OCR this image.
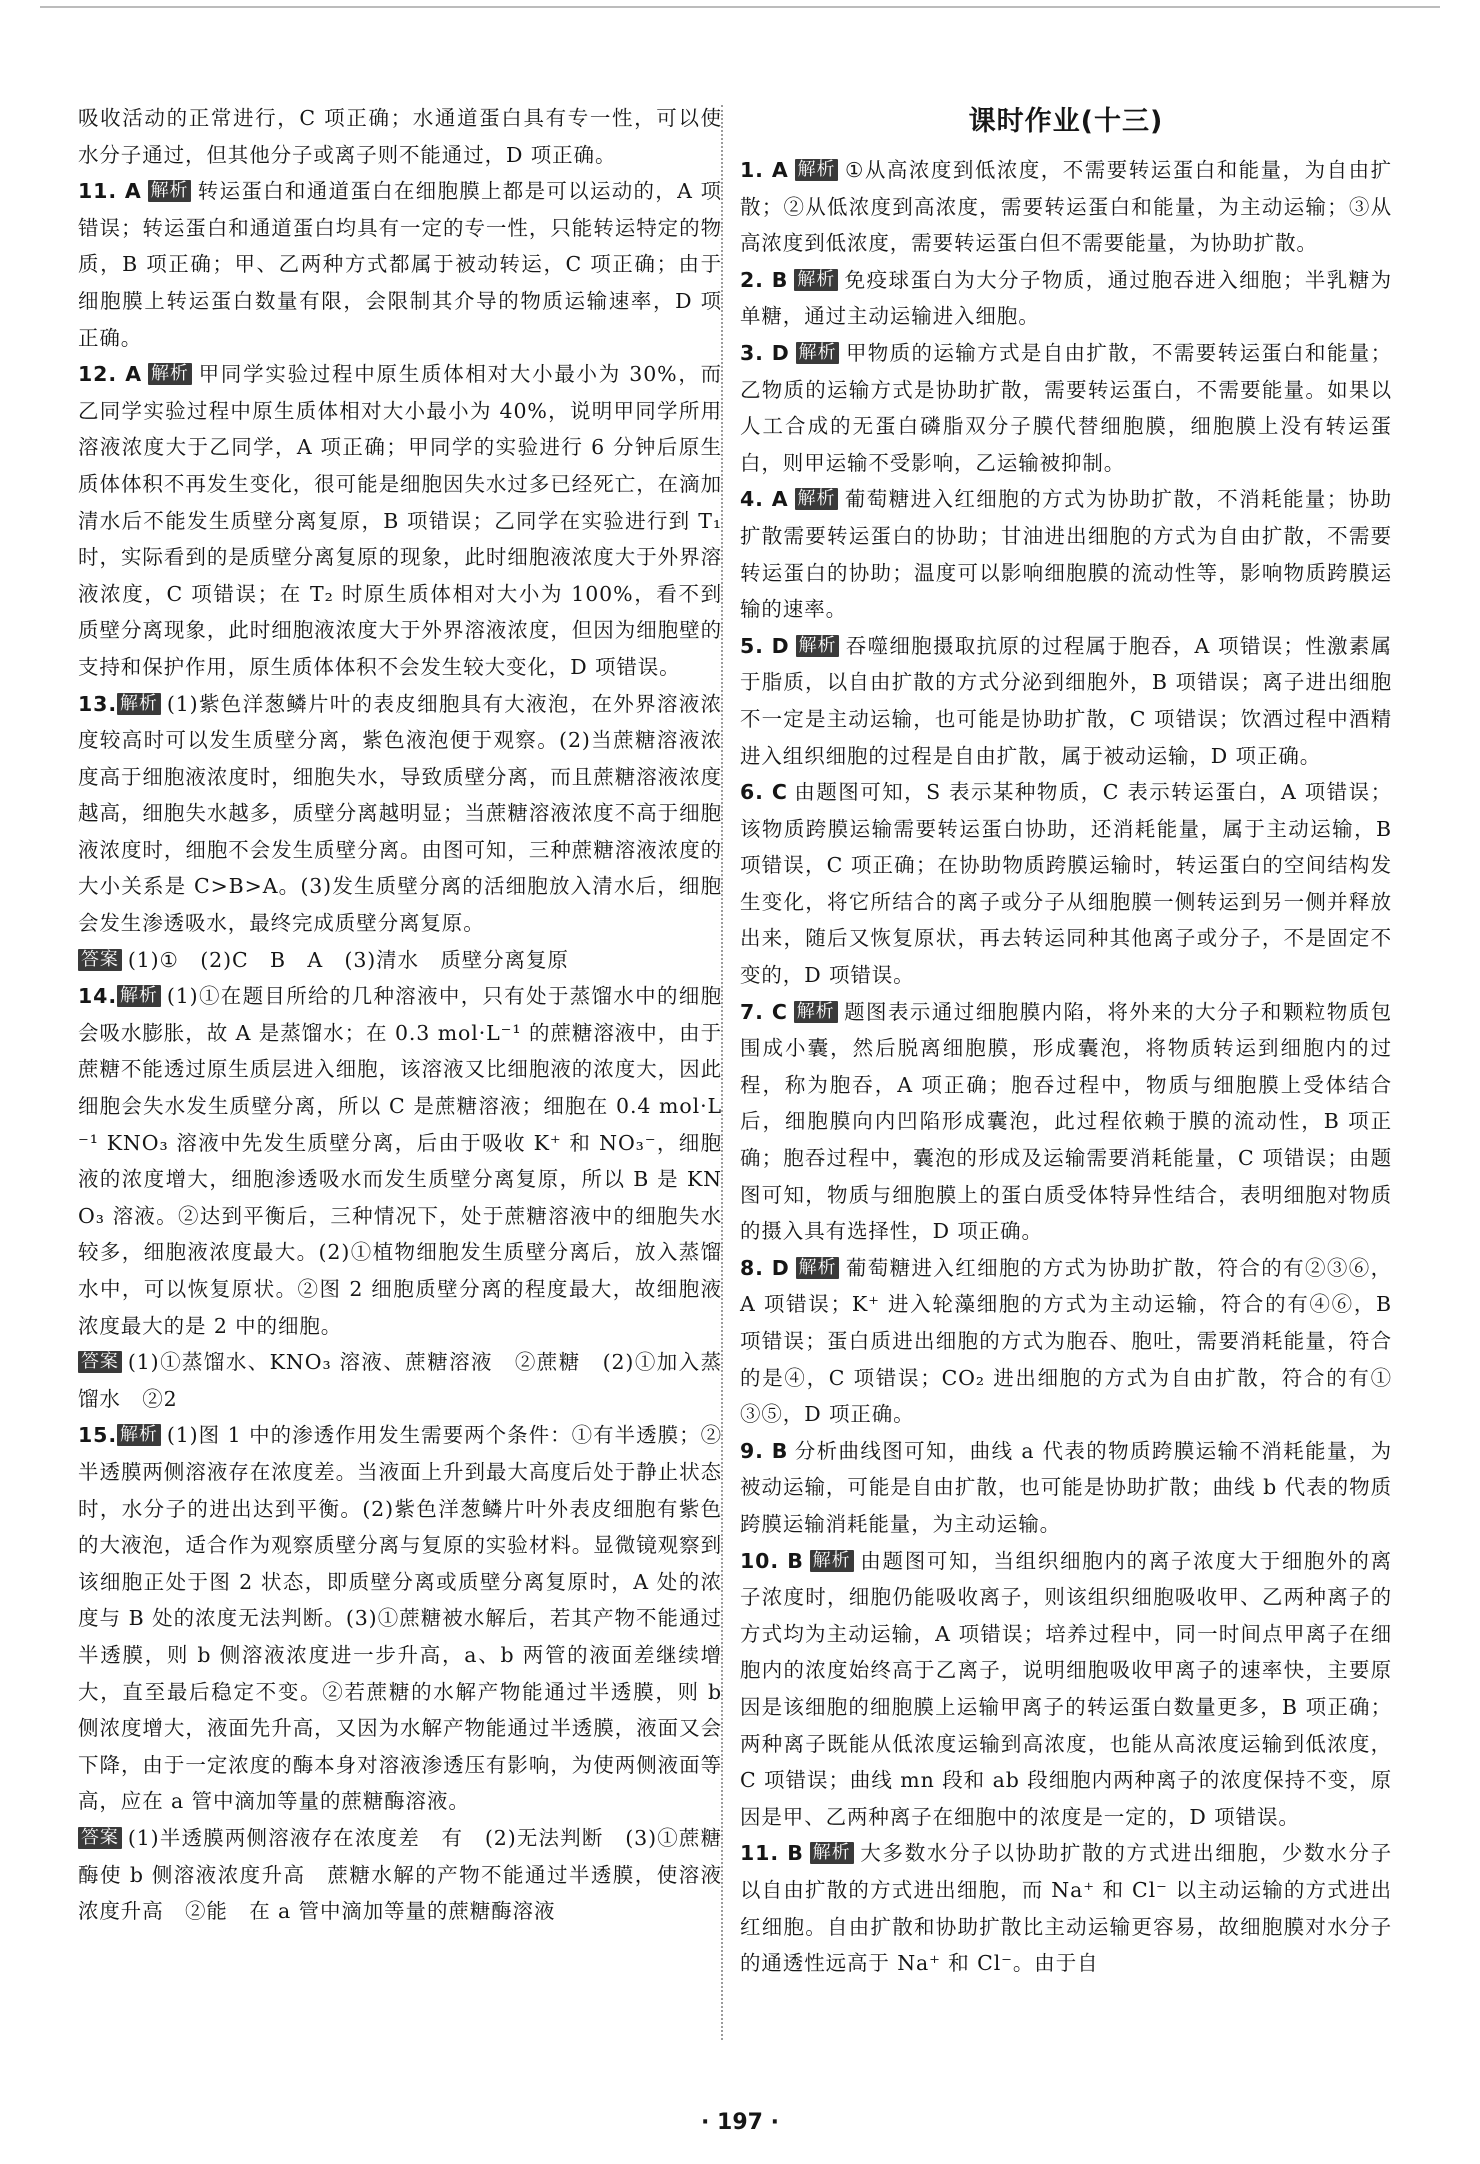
吸收活动的正常进行，C 项正确；水通道蛋白具有专一性，可以使水分子通过，但其他分子或离子则不能通过，D 项正确。

11. A 解析 转运蛋白和通道蛋白在细胞膜上都是可以运动的，A 项错误；转运蛋白和通道蛋白均具有一定的专一性，只能转运特定的物质，B 项正确；甲、乙两种方式都属于被动转运，C 项正确；由于细胞膜上转运蛋白数量有限，会限制其介导的物质运输速率，D 项正确。

12. A 解析 甲同学实验过程中原生质体相对大小最小为 30%，而乙同学实验过程中原生质体相对大小最小为 40%，说明甲同学所用溶液浓度大于乙同学，A 项正确；甲同学的实验进行 6 分钟后原生质体体积不再发生变化，很可能是细胞因失水过多已经死亡，在滴加清水后不能发生质壁分离复原，B 项错误；乙同学在实验进行到 T₁ 时，实际看到的是质壁分离复原的现象，此时细胞液浓度大于外界溶液浓度，C 项错误；在 T₂ 时原生质体相对大小为 100%，看不到质壁分离现象，此时细胞液浓度大于外界溶液浓度，但因为细胞壁的支持和保护作用，原生质体体积不会发生较大变化，D 项错误。

13. 解析 (1)紫色洋葱鳞片叶的表皮细胞具有大液泡，在外界溶液浓度较高时可以发生质壁分离，紫色液泡便于观察。(2)当蔗糖溶液浓度高于细胞液浓度时，细胞失水，导致质壁分离，而且蔗糖溶液浓度越高，细胞失水越多，质壁分离越明显；当蔗糖溶液浓度不高于细胞液浓度时，细胞不会发生质壁分离。由图可知，三种蔗糖溶液浓度的大小关系是 C>B>A。(3)发生质壁分离的活细胞放入清水后，细胞会发生渗透吸水，最终完成质壁分离复原。

答案 (1)①　(2)C　B　A　(3)清水　质壁分离复原

14. 解析 (1)①在题目所给的几种溶液中，只有处于蒸馏水中的细胞会吸水膨胀，故 A 是蒸馏水；在 0.3 mol·L⁻¹ 的蔗糖溶液中，由于蔗糖不能透过原生质层进入细胞，该溶液又比细胞液的浓度大，因此细胞会失水发生质壁分离，所以 C 是蔗糖溶液；细胞在 0.4 mol·L⁻¹ KNO₃ 溶液中先发生质壁分离，后由于吸收 K⁺ 和 NO₃⁻，细胞液的浓度增大，细胞渗透吸水而发生质壁分离复原，所以 B 是 KNO₃ 溶液。②达到平衡后，三种情况下，处于蔗糖溶液中的细胞失水较多，细胞液浓度最大。(2)①植物细胞发生质壁分离后，放入蒸馏水中，可以恢复原状。②图 2 细胞质壁分离的程度最大，故细胞液浓度最大的是 2 中的细胞。

答案 (1)①蒸馏水、KNO₃ 溶液、蔗糖溶液　②蔗糖　(2)①加入蒸馏水　②2

15. 解析 (1)图 1 中的渗透作用发生需要两个条件：①有半透膜；②半透膜两侧溶液存在浓度差。当液面上升到最大高度后处于静止状态时，水分子的进出达到平衡。(2)紫色洋葱鳞片叶外表皮细胞有紫色的大液泡，适合作为观察质壁分离与复原的实验材料。显微镜观察到该细胞正处于图 2 状态，即质壁分离或质壁分离复原时，A 处的浓度与 B 处的浓度无法判断。(3)①蔗糖被水解后，若其产物不能通过半透膜，则 b 侧溶液浓度进一步升高，a、b 两管的液面差继续增大，直至最后稳定不变。②若蔗糖的水解产物能通过半透膜，则 b 侧浓度增大，液面先升高，又因为水解产物能通过半透膜，液面又会下降，由于一定浓度的酶本身对溶液渗透压有影响，为使两侧液面等高，应在 a 管中滴加等量的蔗糖酶溶液。

答案 (1)半透膜两侧溶液存在浓度差　有　(2)无法判断　(3)①蔗糖酶使 b 侧溶液浓度升高　蔗糖水解的产物不能通过半透膜，使溶液浓度升高　②能　在 a 管中滴加等量的蔗糖酶溶液

课时作业(十三)

1. A 解析 ①从高浓度到低浓度，不需要转运蛋白和能量，为自由扩散；②从低浓度到高浓度，需要转运蛋白和能量，为主动运输；③从高浓度到低浓度，需要转运蛋白但不需要能量，为协助扩散。

2. B 解析 免疫球蛋白为大分子物质，通过胞吞进入细胞；半乳糖为单糖，通过主动运输进入细胞。

3. D 解析 甲物质的运输方式是自由扩散，不需要转运蛋白和能量；乙物质的运输方式是协助扩散，需要转运蛋白，不需要能量。如果以人工合成的无蛋白磷脂双分子膜代替细胞膜，细胞膜上没有转运蛋白，则甲运输不受影响，乙运输被抑制。

4. A 解析 葡萄糖进入红细胞的方式为协助扩散，不消耗能量；协助扩散需要转运蛋白的协助；甘油进出细胞的方式为自由扩散，不需要转运蛋白的协助；温度可以影响细胞膜的流动性等，影响物质跨膜运输的速率。

5. D 解析 吞噬细胞摄取抗原的过程属于胞吞，A 项错误；性激素属于脂质，以自由扩散的方式分泌到细胞外，B 项错误；离子进出细胞不一定是主动运输，也可能是协助扩散，C 项错误；饮酒过程中酒精进入组织细胞的过程是自由扩散，属于被动运输，D 项正确。

6. C 由题图可知，S 表示某种物质，C 表示转运蛋白，A 项错误；该物质跨膜运输需要转运蛋白协助，还消耗能量，属于主动运输，B 项错误，C 项正确；在协助物质跨膜运输时，转运蛋白的空间结构发生变化，将它所结合的离子或分子从细胞膜一侧转运到另一侧并释放出来，随后又恢复原状，再去转运同种其他离子或分子，不是固定不变的，D 项错误。

7. C 解析 题图表示通过细胞膜内陷，将外来的大分子和颗粒物质包围成小囊，然后脱离细胞膜，形成囊泡，将物质转运到细胞内的过程，称为胞吞，A 项正确；胞吞过程中，物质与细胞膜上受体结合后，细胞膜向内凹陷形成囊泡，此过程依赖于膜的流动性，B 项正确；胞吞过程中，囊泡的形成及运输需要消耗能量，C 项错误；由题图可知，物质与细胞膜上的蛋白质受体特异性结合，表明细胞对物质的摄入具有选择性，D 项正确。

8. D 解析 葡萄糖进入红细胞的方式为协助扩散，符合的有②③⑥，A 项错误；K⁺ 进入轮藻细胞的方式为主动运输，符合的有④⑥，B 项错误；蛋白质进出细胞的方式为胞吞、胞吐，需要消耗能量，符合的是④，C 项错误；CO₂ 进出细胞的方式为自由扩散，符合的有①③⑤，D 项正确。

9. B 分析曲线图可知，曲线 a 代表的物质跨膜运输不消耗能量，为被动运输，可能是自由扩散，也可能是协助扩散；曲线 b 代表的物质跨膜运输消耗能量，为主动运输。

10. B 解析 由题图可知，当组织细胞内的离子浓度大于细胞外的离子浓度时，细胞仍能吸收离子，则该组织细胞吸收甲、乙两种离子的方式均为主动运输，A 项错误；培养过程中，同一时间点甲离子在细胞内的浓度始终高于乙离子，说明细胞吸收甲离子的速率快，主要原因是该细胞的细胞膜上运输甲离子的转运蛋白数量更多，B 项正确；两种离子既能从低浓度运输到高浓度，也能从高浓度运输到低浓度，C 项错误；曲线 mn 段和 ab 段细胞内两种离子的浓度保持不变，原因是甲、乙两种离子在细胞中的浓度是一定的，D 项错误。

11. B 解析 大多数水分子以协助扩散的方式进出细胞，少数水分子以自由扩散的方式进出细胞，而 Na⁺ 和 Cl⁻ 以主动运输的方式进出红细胞。自由扩散和协助扩散比主动运输更容易，故细胞膜对水分子的通透性远高于 Na⁺ 和 Cl⁻。由于自

· 197 ·
